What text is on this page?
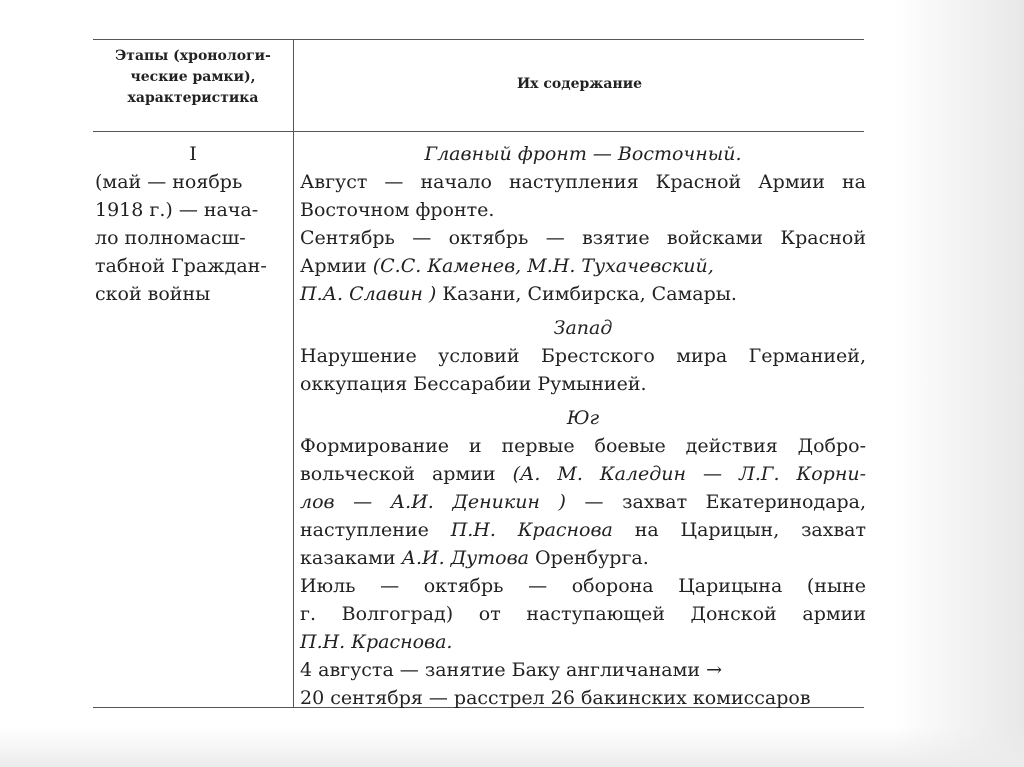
Этапы (хронологи-
ческие рамки),
характеристика
Их содержание
I
(май — ноябрь
1918 г.) — нача-
ло полномасш-
табной Граждан-
ской войны
Главный фронт — Восточный.
Август — начало наступления Красной Армии на
Восточном фронте.
Сентябрь — октябрь — взятие войсками Красной
Армии (С.С. Каменев, М.Н. Тухачевский,
П.А. Славин ) Казани, Симбирска, Самары.
Запад
Нарушение условий Брестского мира Германией,
оккупация Бессарабии Румынией.
Юг
Формирование и первые боевые действия Добро-
вольческой армии (А. М. Каледин — Л.Г. Корни-
лов — А.И. Деникин ) — захват Екатеринодара,
наступление П.Н. Краснова на Царицын, захват
казаками А.И. Дутова Оренбурга.
Июль — октябрь — оборона Царицына (ныне
г. Волгоград) от наступающей Донской армии
П.Н. Краснова.
4 августа — занятие Баку англичанами →
20 сентября — расстрел 26 бакинских комиссаров
